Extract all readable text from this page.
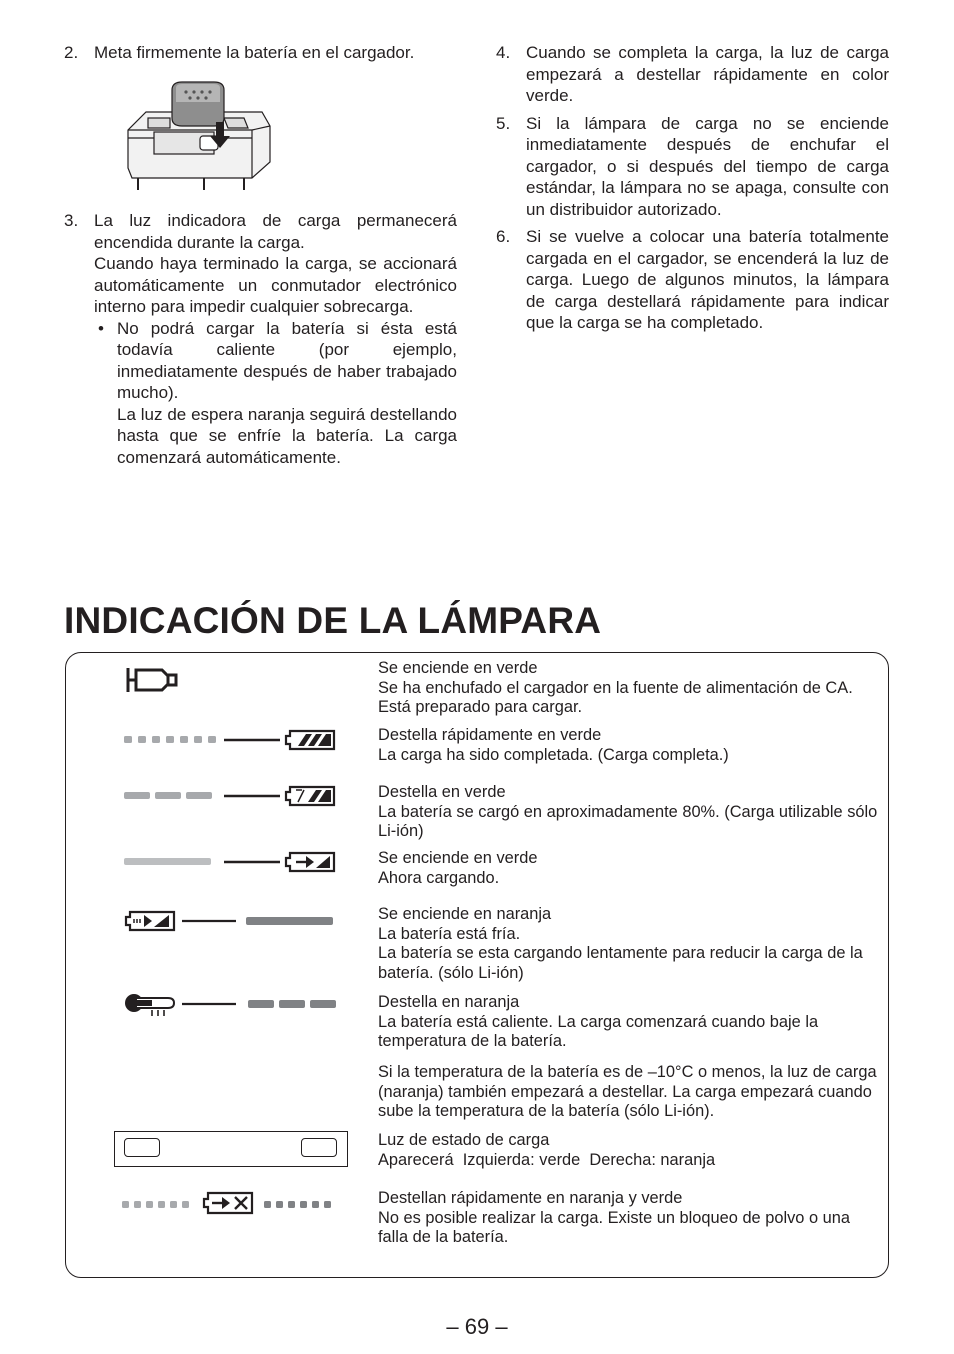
2. Meta firmemente la batería en el cargador.
3. La luz indicadora de carga permanecerá encendida durante la carga.
Cuando haya terminado la carga, se accionará automáticamente un conmutador electrónico interno para impedir cualquier sobrecarga.
• No podrá cargar la batería si ésta está todavía caliente (por ejemplo, inmediatamente después de haber trabajado mucho).
La luz de espera naranja seguirá destellando hasta que se enfríe la batería. La carga comenzará automáticamente.
4. Cuando se completa la carga, la luz de carga empezará a destellar rápidamente en color verde.
5. Si la lámpara de carga no se enciende inmediatamente después de enchufar el cargador, o si después del tiempo de carga estándar, la lámpara no se apaga, consulte con un distribuidor autorizado.
6. Si se vuelve a colocar una batería totalmente cargada en el cargador, se encenderá la luz de carga. Luego de algunos minutos, la lámpara de carga destellará rápidamente para indicar que la carga se ha completado.
INDICACIÓN DE LA LÁMPARA
Se enciende en verde
Se ha enchufado el cargador en la fuente de alimentación de CA. Está preparado para cargar.
Destella rápidamente en verde
La carga ha sido completada. (Carga completa.)
Destella en verde
La batería se cargó en aproximadamente 80%. (Carga utilizable sólo Li-ión)
Se enciende en verde
Ahora cargando.
Se enciende en naranja
La batería está fría.
La batería se esta cargando lentamente para reducir la carga de la batería. (sólo Li-ión)
Destella en naranja
La batería está caliente. La carga comenzará cuando baje la temperatura de la batería.
Si la temperatura de la batería es de –10°C o menos, la luz de carga (naranja) también empezará a destellar. La carga empezará cuando sube la temperatura de la batería (sólo Li-ión).
Luz de estado de carga
Aparecerá  Izquierda: verde  Derecha: naranja
Destellan rápidamente en naranja y verde
No es posible realizar la carga. Existe un bloqueo de polvo o una falla de la batería.
– 69 –
